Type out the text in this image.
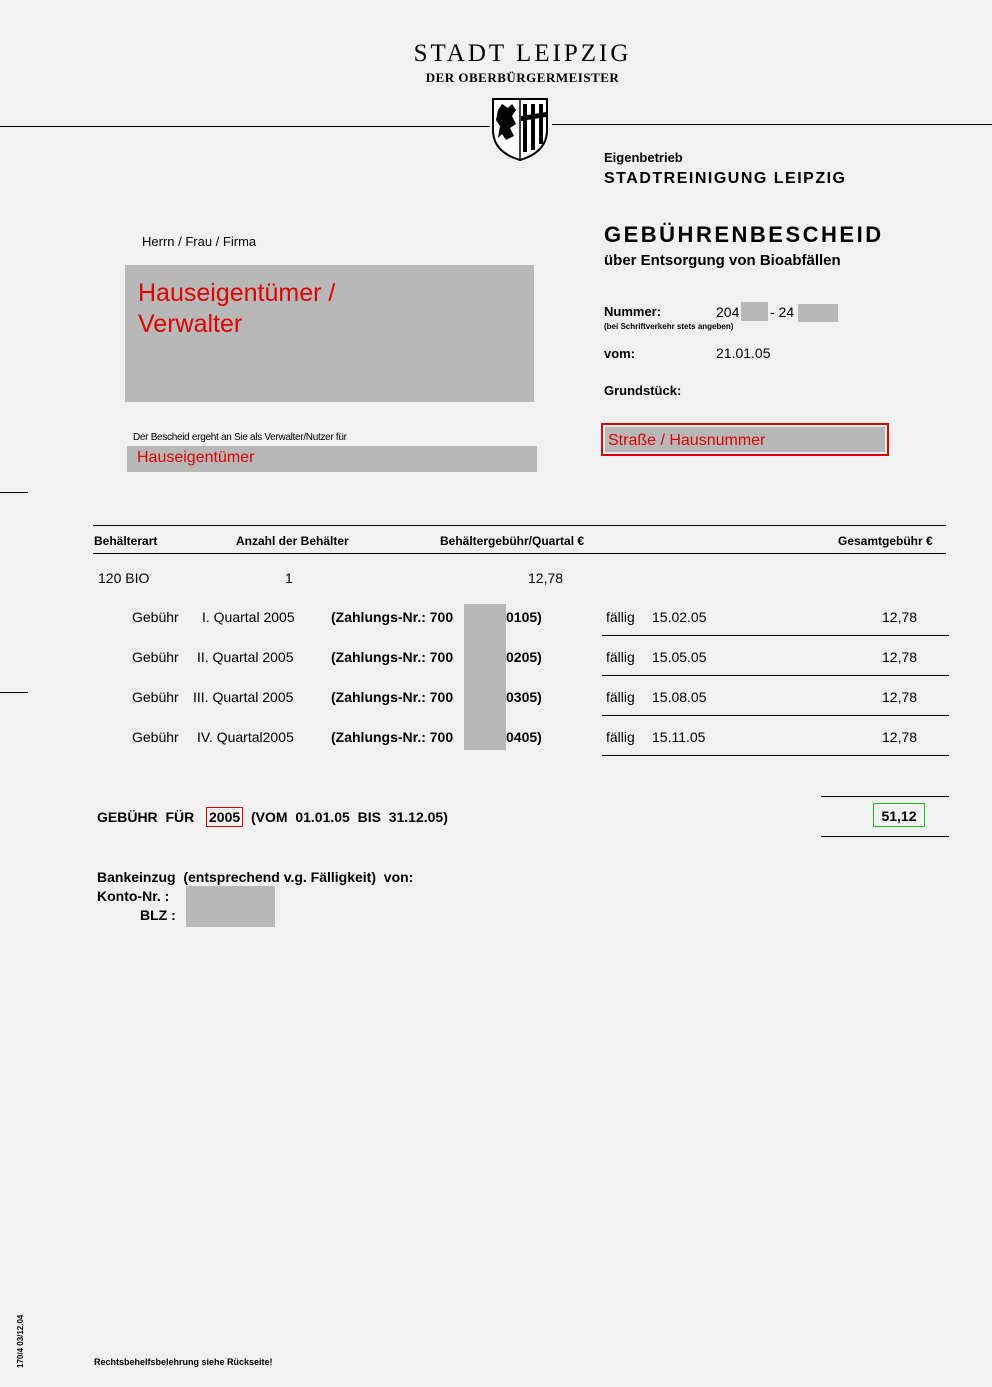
STADT LEIPZIG
DER OBERBÜRGERMEISTER
Eigenbetrieb
STADTREINIGUNG LEIPZIG
GEBÜHRENBESCHEID
über Entsorgung von Bioabfällen
Nummer:	204 - 24
(bei Schriftverkehr stets angeben)
vom:	21.01.05
Grundstück:
Straße / Hausnummer
Herrn / Frau / Firma
Hauseigentümer /
Verwalter
Der Bescheid ergeht an Sie als Verwalter/Nutzer für
Hauseigentümer
Behälterart	Anzahl der Behälter	Behältergebühr/Quartal €	Gesamtgebühr €
120 BIO	1	12,78
Gebühr I. Quartal 2005	(Zahlungs-Nr.: 700	0105)	fällig 15.02.05	12,78
Gebühr II. Quartal 2005	(Zahlungs-Nr.: 700	0205)	fällig 15.05.05	12,78
Gebühr III. Quartal 2005	(Zahlungs-Nr.: 700	0305)	fällig 15.08.05	12,78
Gebühr IV. Quartal2005	(Zahlungs-Nr.: 700	0405)	fällig 15.11.05	12,78
GEBÜHR  FÜR 2005 (VOM  01.01.05  BIS  31.12.05)	51,12
Bankeinzug  (entsprechend v.g. Fälligkeit)  von:
Konto-Nr. :
BLZ :
170/4 03/12.04	Rechtsbehelfsbelehrung siehe Rückseite!
